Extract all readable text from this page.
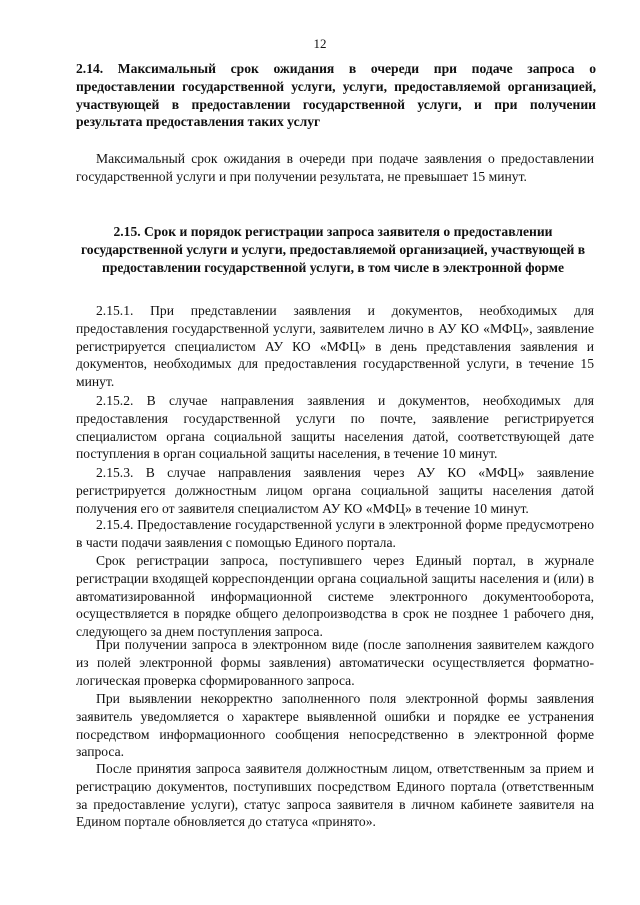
12
2.14. Максимальный срок ожидания в очереди при подаче запроса о предоставлении государственной услуги, услуги, предоставляемой организацией, участвующей в предоставлении государственной услуги, и при получении результата предоставления таких услуг

Максимальный срок ожидания в очереди при подаче заявления о предоставлении государственной услуги и при получении результата, не превышает 15 минут.

2.15. Срок и порядок регистрации запроса заявителя о предоставлении государственной услуги и услуги, предоставляемой организацией, участвующей в предоставлении государственной услуги, в том числе в электронной форме

2.15.1. При представлении заявления и документов, необходимых для предоставления государственной услуги, заявителем лично в АУ КО «МФЦ», заявление регистрируется специалистом АУ КО «МФЦ» в день представления заявления и документов, необходимых для предоставления государственной услуги, в течение 15 минут.

2.15.2. В случае направления заявления и документов, необходимых для предоставления государственной услуги по почте, заявление регистрируется специалистом органа социальной защиты населения датой, соответствующей дате поступления в орган социальной защиты населения, в течение 10 минут.

2.15.3. В случае направления заявления через АУ КО «МФЦ» заявление регистрируется должностным лицом органа социальной защиты населения датой получения его от заявителя специалистом АУ КО «МФЦ» в течение 10 минут.

2.15.4. Предоставление государственной услуги в электронной форме предусмотрено в части подачи заявления с помощью Единого портала.

Срок регистрации запроса, поступившего через Единый портал, в журнале регистрации входящей корреспонденции органа социальной защиты населения и (или) в автоматизированной информационной системе электронного документооборота, осуществляется в порядке общего делопроизводства в срок не позднее 1 рабочего дня, следующего за днем поступления запроса.

При получении запроса в электронном виде (после заполнения заявителем каждого из полей электронной формы заявления) автоматически осуществляется форматно-логическая проверка сформированного запроса.

При выявлении некорректно заполненного поля электронной формы заявления заявитель уведомляется о характере выявленной ошибки и порядке ее устранения посредством информационного сообщения непосредственно в электронной форме запроса.

После принятия запроса заявителя должностным лицом, ответственным за прием и регистрацию документов, поступивших посредством Единого портала (ответственным за предоставление услуги), статус запроса заявителя в личном кабинете заявителя на Едином портале обновляется до статуса «принято».
